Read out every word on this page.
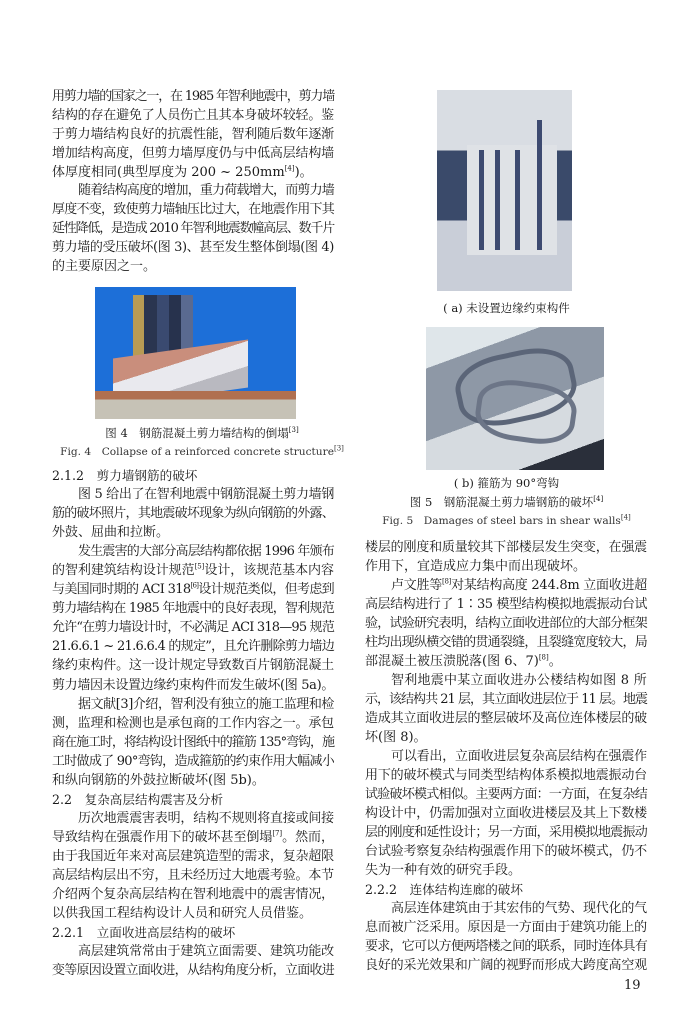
用剪力墙的国家之一，在 1985 年智利地震中，剪力墙
结构的存在避免了人员伤亡且其本身破坏较轻。鉴
于剪力墙结构良好的抗震性能，智利随后数年逐渐
增加结构高度，但剪力墙厚度仍与中低高层结构墙
体厚度相同(典型厚度为 200 ~ 250mm[4])。
随着结构高度的增加，重力荷载增大，而剪力墙
厚度不变，致使剪力墙轴压比过大，在地震作用下其
延性降低，是造成 2010 年智利地震数幢高层、数千片
剪力墙的受压破坏(图 3)、甚至发生整体倒塌(图 4)
的主要原因之一。
图 4　钢筋混凝土剪力墙结构的倒塌[3]
Fig. 4　Collapse of a reinforced concrete structure[3]
2.1.2　剪力墙钢筋的破坏
图 5 给出了在智利地震中钢筋混凝土剪力墙钢
筋的破坏照片，其地震破坏现象为纵向钢筋的外露、
外鼓、屈曲和拉断。
发生震害的大部分高层结构都依据 1996 年颁布
的智利建筑结构设计规范[5]设计，该规范基本内容
与美国同时期的 ACI 318[6]设计规范类似，但考虑到
剪力墙结构在 1985 年地震中的良好表现，智利规范
允许“在剪力墙设计时，不必满足 ACI 318—95 规范
21.6.6.1 ~ 21.6.6.4 的规定”，且允许删除剪力墙边
缘约束构件。这一设计规定导致数百片钢筋混凝土
剪力墙因未设置边缘约束构件而发生破坏(图 5a)。
据文献[3]介绍，智利没有独立的施工监理和检
测，监理和检测也是承包商的工作内容之一。承包
商在施工时，将结构设计图纸中的箍筋 135°弯钩，施
工时做成了 90°弯钩，造成箍筋的约束作用大幅减小
和纵向钢筋的外鼓拉断破坏(图 5b)。
2.2　复杂高层结构震害及分析
历次地震震害表明，结构不规则将直接或间接
导致结构在强震作用下的破坏甚至倒塌[7]。然而，
由于我国近年来对高层建筑造型的需求，复杂超限
高层结构层出不穷，且未经历过大地震考验。本节
介绍两个复杂高层结构在智利地震中的震害情况，
以供我国工程结构设计人员和研究人员借鉴。
2.2.1　立面收进高层结构的破坏
高层建筑常常由于建筑立面需要、建筑功能改
变等原因设置立面收进，从结构角度分析，立面收进
( a) 未设置边缘约束构件
( b) 箍筋为 90°弯钩
图 5　钢筋混凝土剪力墙钢筋的破坏[4]
Fig. 5　Damages of steel bars in shear walls[4]
楼层的刚度和质量较其下部楼层发生突变，在强震
作用下，宜造成应力集中而出现破坏。
卢文胜等[8]对某结构高度 244.8m 立面收进超
高层结构进行了 1∶35 模型结构模拟地震振动台试
验，试验研究表明，结构立面收进部位的大部分框架
柱均出现纵横交错的贯通裂缝，且裂缝宽度较大，局
部混凝土被压溃脱落(图 6、7)[8]。
智利地震中某立面收进办公楼结构如图 8 所
示，该结构共 21 层，其立面收进层位于 11 层。地震
造成其立面收进层的整层破坏及高位连体楼层的破
坏(图 8)。
可以看出，立面收进层复杂高层结构在强震作
用下的破坏模式与同类型结构体系模拟地震振动台
试验破坏模式相似。主要两方面：一方面，在复杂结
构设计中，仍需加强对立面收进楼层及其上下数楼
层的刚度和延性设计；另一方面，采用模拟地震振动
台试验考察复杂结构强震作用下的破坏模式，仍不
失为一种有效的研究手段。
2.2.2　连体结构连廊的破坏
高层连体建筑由于其宏伟的气势、现代化的气
息而被广泛采用。原因是一方面由于建筑功能上的
要求，它可以方便两塔楼之间的联系，同时连体具有
良好的采光效果和广阔的视野而形成大跨度高空观
19
